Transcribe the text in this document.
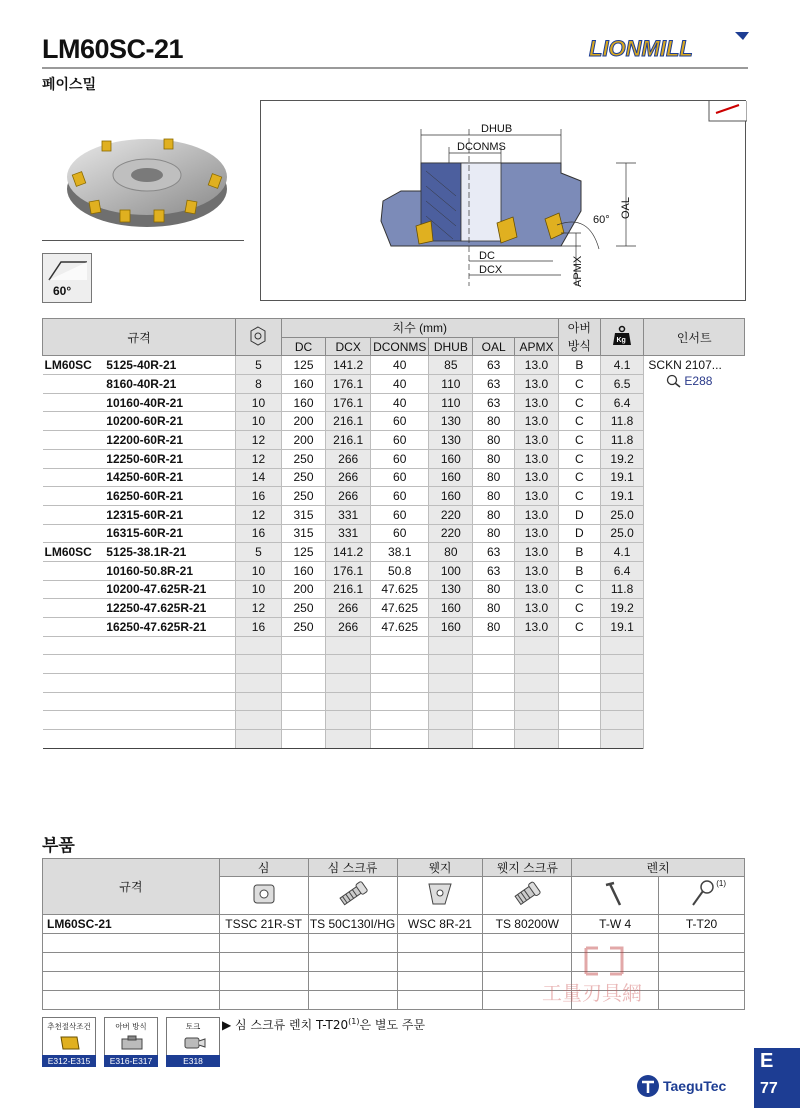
LM60SC-21	LIONMILL
페이스밀
60°
DHUB
DCONMS
DC
DCX
60°
OAL
APMX
규격			치수 (mm)						아버 방식	Kg	인서트
			DC	DCX	DCONMS	DHUB	OAL	APMX			
LM60SC	5125-40R-21	5	125	141.2	40	85	63	13.0	B	4.1	SCKN 2107...
E288

	8160-40R-21	8	160	176.1	40	110	63	13.0	C	6.5	
	10160-40R-21	10	160	176.1	40	110	63	13.0	C	6.4	
	10200-60R-21	10	200	216.1	60	130	80	13.0	C	11.8	
	12200-60R-21	12	200	216.1	60	130	80	13.0	C	11.8	
	12250-60R-21	12	250	266	60	160	80	13.0	C	19.2	
	14250-60R-21	14	250	266	60	160	80	13.0	C	19.1	
	16250-60R-21	16	250	266	60	160	80	13.0	C	19.1	
	12315-60R-21	12	315	331	60	220	80	13.0	D	25.0	
	16315-60R-21	16	315	331	60	220	80	13.0	D	25.0	
LM60SC	5125-38.1R-21	5	125	141.2	38.1	80	63	13.0	B	4.1	
	10160-50.8R-21	10	160	176.1	50.8	100	63	13.0	B	6.4	
	10200-47.625R-21	10	200	216.1	47.625	130	80	13.0	C	11.8	
	12250-47.625R-21	12	250	266	47.625	160	80	13.0	C	19.2	
	16250-47.625R-21	16	250	266	47.625	160	80	13.0	C	19.1	

부품
규격	심	심 스크류	웻지	웻지 스크류	렌치	

(1)

LM60SC-21	TSSC 21R-ST	TS 50C130I/HG	WSC 8R-21	TS 80200W	T-W 4	T-T20

工量刃具網
추천절삭조건
E312-E315
아버 방식
E316-E317
토크
E318
▶ 심 스크류 렌치 T-T20$^{(1)}$은 별도 주문
TaeguTec
E
77
